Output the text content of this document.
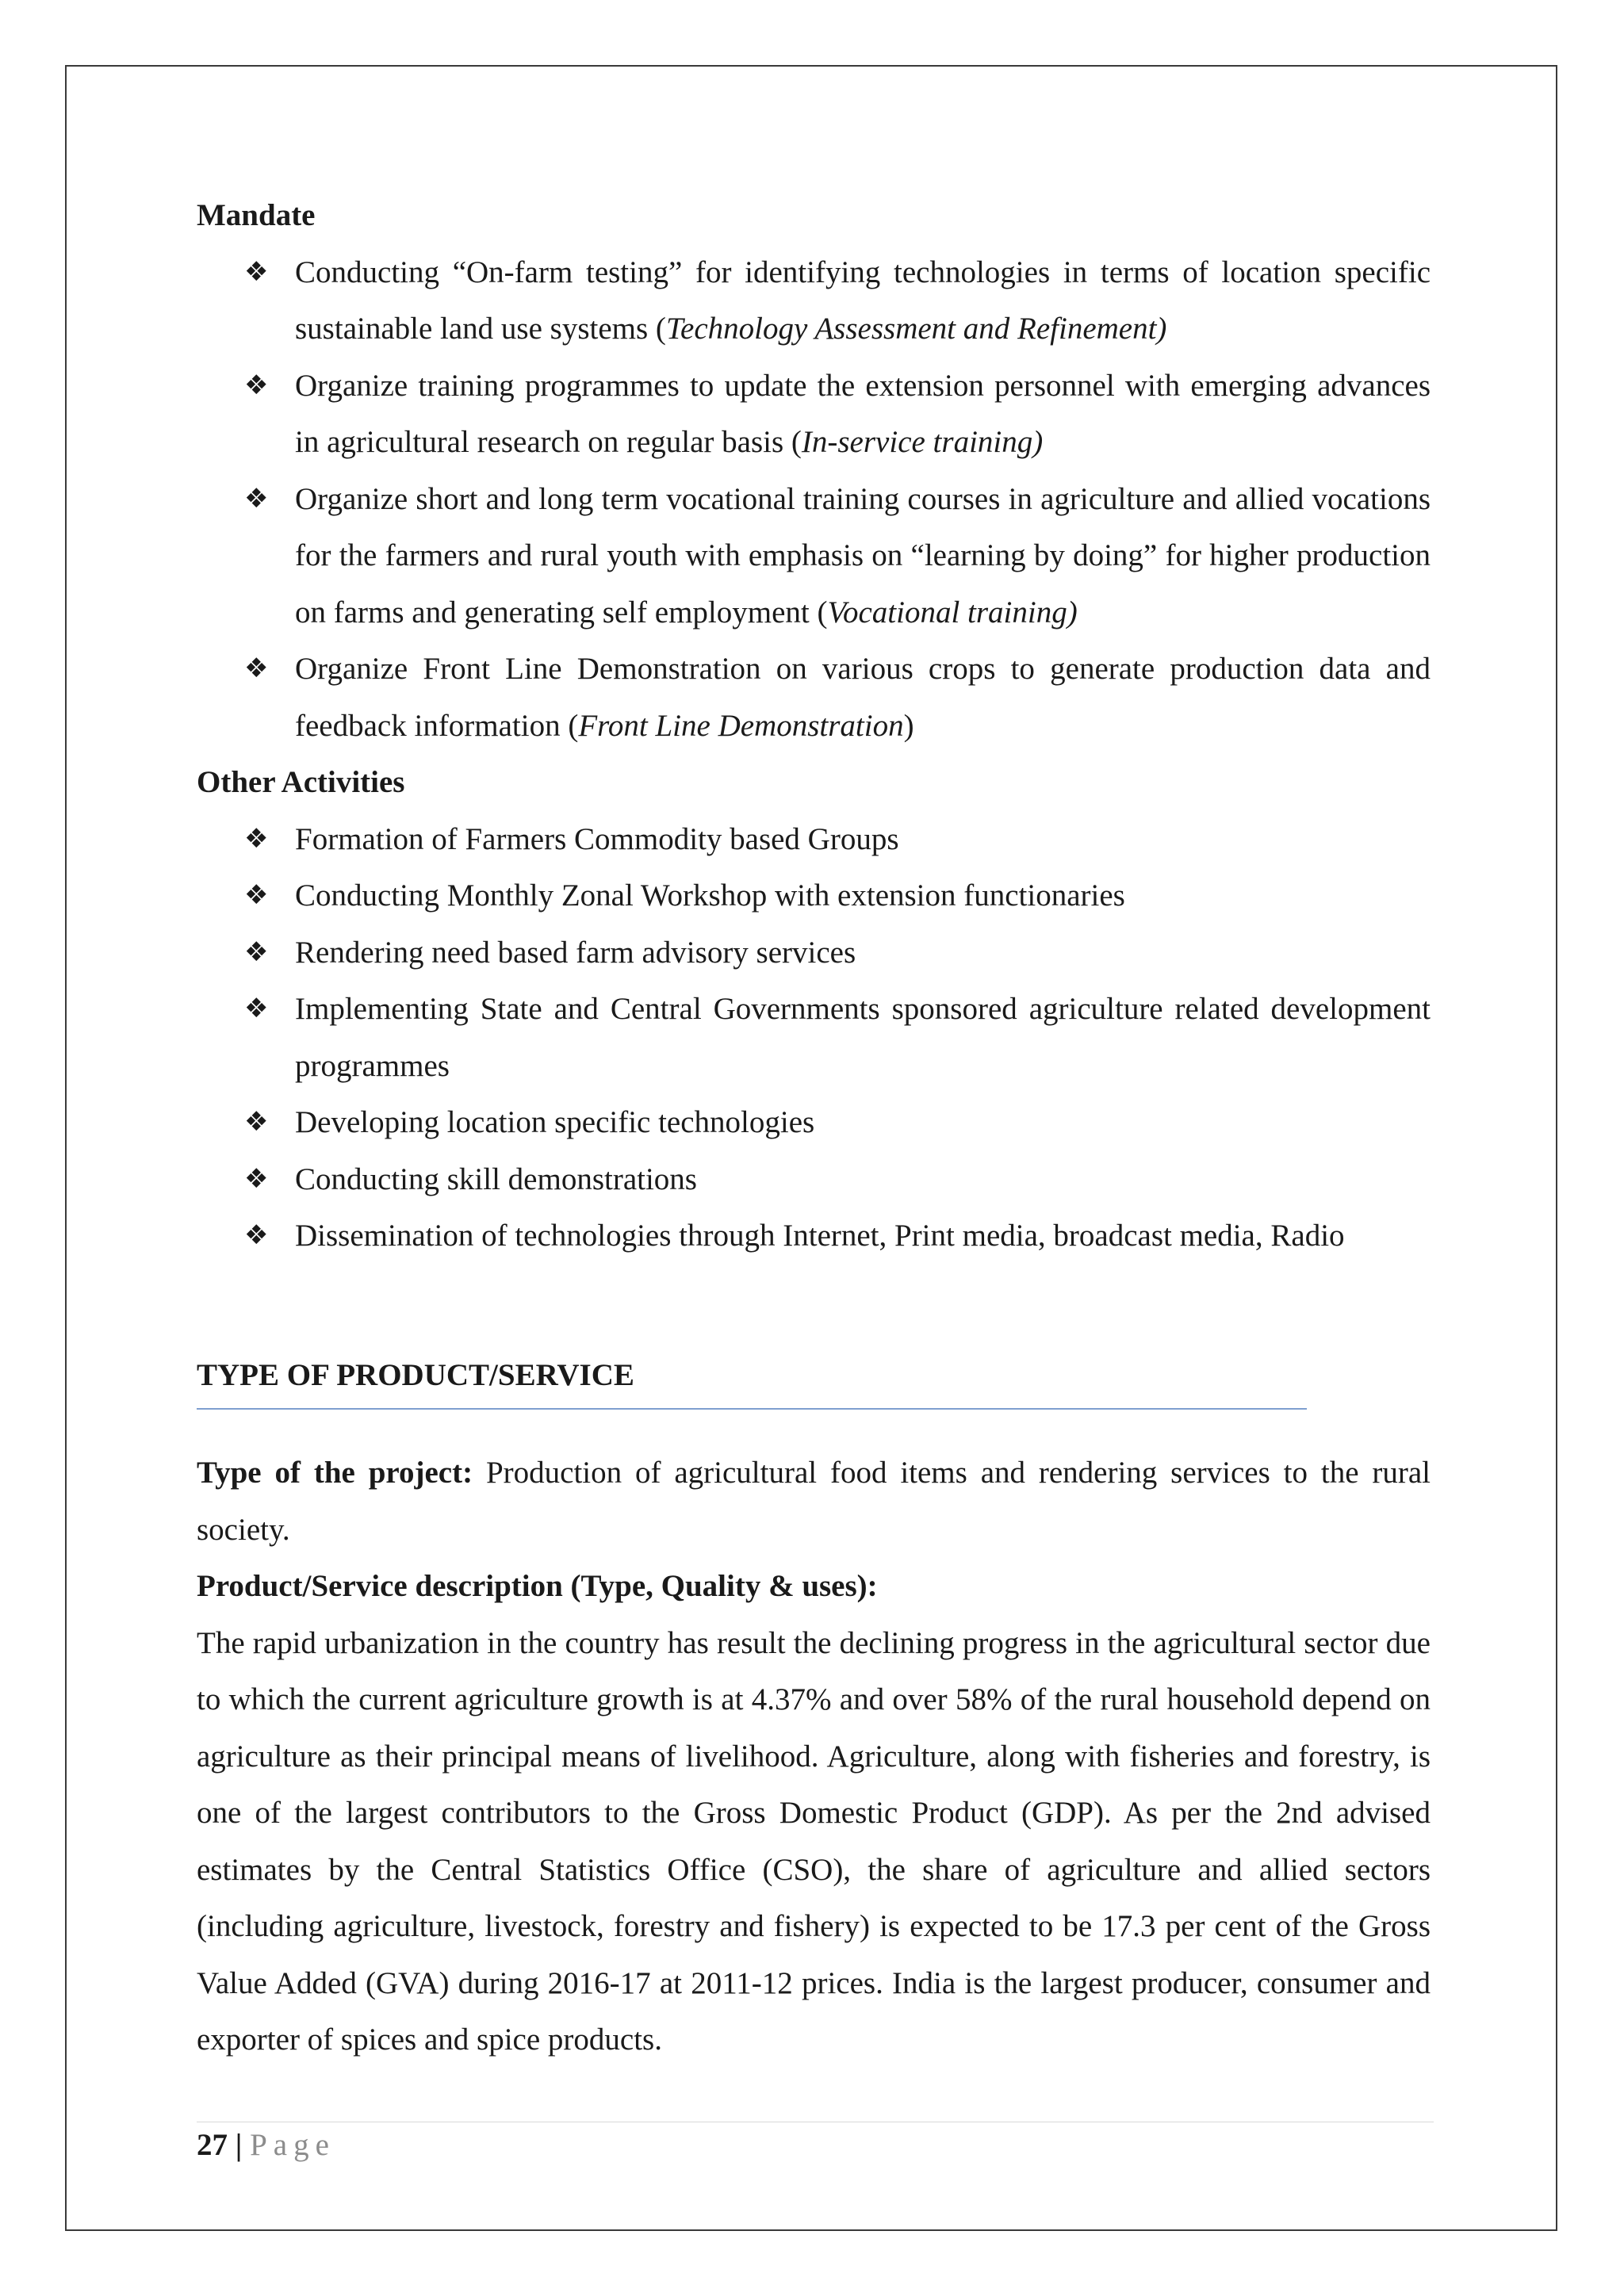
Mandate
❖ Conducting “On-farm testing” for identifying technologies in terms of location specific sustainable land use systems (Technology Assessment and Refinement)
❖ Organize training programmes to update the extension personnel with emerging advances in agricultural research on regular basis (In-service training)
❖ Organize short and long term vocational training courses in agriculture and allied vocations for the farmers and rural youth with emphasis on “learning by doing” for higher production on farms and generating self employment (Vocational training)
❖ Organize Front Line Demonstration on various crops to generate production data and feedback information (Front Line Demonstration)
Other Activities
❖ Formation of Farmers Commodity based Groups
❖ Conducting Monthly Zonal Workshop with extension functionaries
❖ Rendering need based farm advisory services
❖ Implementing State and Central Governments sponsored agriculture related development programmes
❖ Developing location specific technologies
❖ Conducting skill demonstrations
❖ Dissemination of technologies through Internet, Print media, broadcast media, Radio
TYPE OF PRODUCT/SERVICE

Type of the project: Production of agricultural food items and rendering services to the rural society.

Product/Service description (Type, Quality & uses):

The rapid urbanization in the country has result the declining progress in the agricultural sector due to which the current agriculture growth is at 4.37% and over 58% of the rural household depend on agriculture as their principal means of livelihood. Agriculture, along with fisheries and forestry, is one of the largest contributors to the Gross Domestic Product (GDP). As per the 2nd advised estimates by the Central Statistics Office (CSO), the share of agriculture and allied sectors (including agriculture, livestock, forestry and fishery) is expected to be 17.3 per cent of the Gross Value Added (GVA) during 2016-17 at 2011-12 prices. India is the largest producer, consumer and exporter of spices and spice products.

27 | Page
